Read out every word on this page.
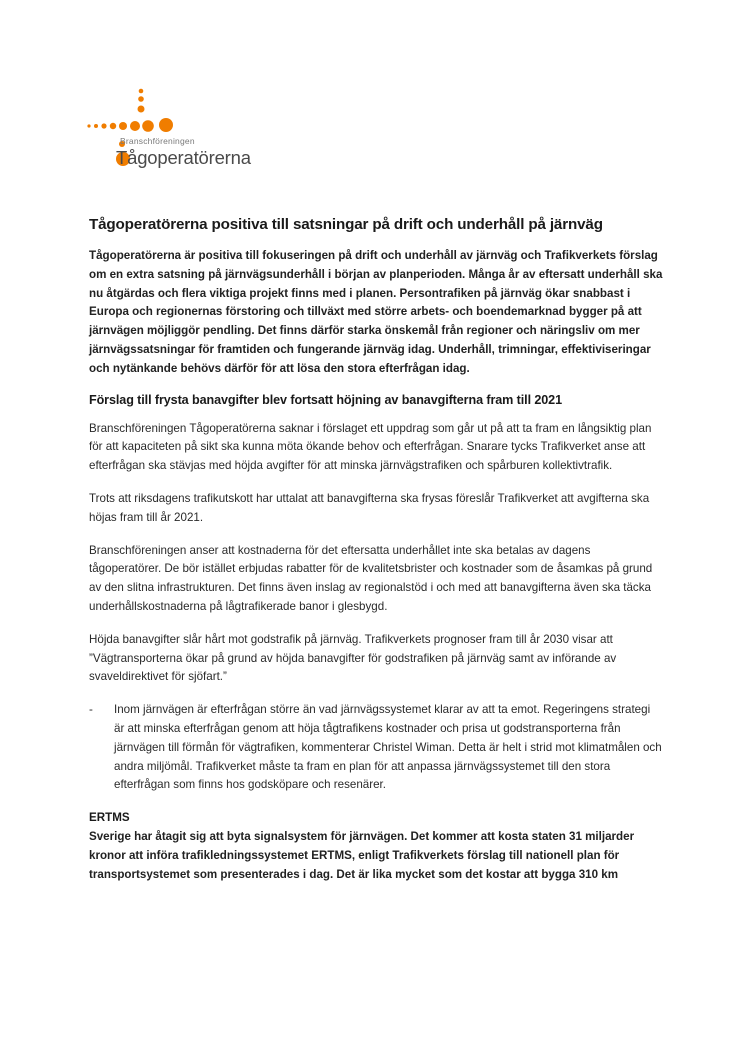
Branschföreningen
Tågoperatörerna
Tågoperatörerna positiva till satsningar på drift och underhåll på järnväg

Tågoperatörerna är positiva till fokuseringen på drift och underhåll av järnväg och Trafikverkets förslag om en extra satsning på järnvägsunderhåll i början av planperioden. Många år av eftersatt underhåll ska nu åtgärdas och flera viktiga projekt finns med i planen. Persontrafiken på järnväg ökar snabbast i Europa och regionernas förstoring och tillväxt med större arbets- och boendemarknad bygger på att järnvägen möjliggör pendling. Det finns därför starka önskemål från regioner och näringsliv om mer järnvägssatsningar för framtiden och fungerande järnväg idag. Underhåll, trimningar, effektiviseringar och nytänkande behövs därför för att lösa den stora efterfrågan idag.

Förslag till frysta banavgifter blev fortsatt höjning av banavgifterna fram till 2021

Branschföreningen Tågoperatörerna saknar i förslaget ett uppdrag som går ut på att ta fram en långsiktig plan för att kapaciteten på sikt ska kunna möta ökande behov och efterfrågan. Snarare tycks Trafikverket anse att efterfrågan ska stävjas med höjda avgifter för att minska järnvägstrafiken och spårburen kollektivtrafik.

Trots att riksdagens trafikutskott har uttalat att banavgifterna ska frysas föreslår Trafikverket att avgifterna ska höjas fram till år 2021.

Branschföreningen anser att kostnaderna för det eftersatta underhållet inte ska betalas av dagens tågoperatörer. De bör istället erbjudas rabatter för de kvalitetsbrister och kostnader som de åsamkas på grund av den slitna infrastrukturen. Det finns även inslag av regionalstöd i och med att banavgifterna även ska täcka underhållskostnaderna på lågtrafikerade banor i glesbygd.

Höjda banavgifter slår hårt mot godstrafik på järnväg. Trafikverkets prognoser fram till år 2030 visar att ”Vägtransporterna ökar på grund av höjda banavgifter för godstrafiken på järnväg samt av införande av svaveldirektivet för sjöfart.”

- Inom järnvägen är efterfrågan större än vad järnvägssystemet klarar av att ta emot. Regeringens strategi är att minska efterfrågan genom att höja tågtrafikens kostnader och prisa ut godstransporterna från järnvägen till förmån för vägtrafiken, kommenterar Christel Wiman. Detta är helt i strid mot klimatmålen och andra miljömål. Trafikverket måste ta fram en plan för att anpassa järnvägssystemet till den stora efterfrågan som finns hos godsköpare och resenärer.
ERTMS

Sverige har åtagit sig att byta signalsystem för järnvägen. Det kommer att kosta staten 31 miljarder kronor att införa trafikledningssystemet ERTMS, enligt Trafikverkets förslag till nationell plan för transportsystemet som presenterades i dag. Det är lika mycket som det kostar att bygga 310 km
